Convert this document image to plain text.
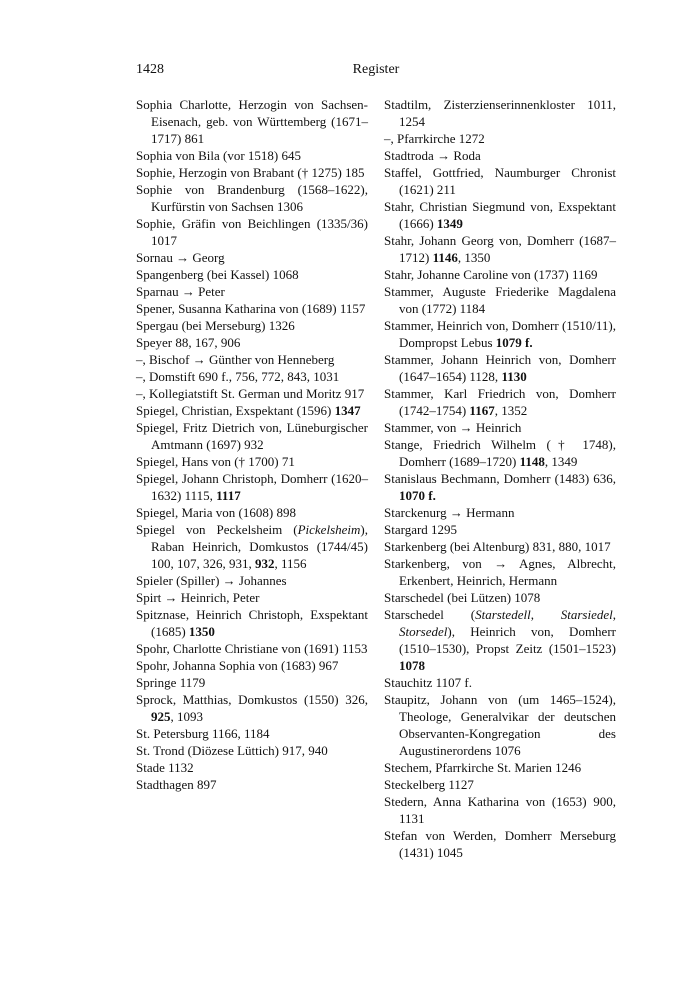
1428	Register

Sophia Charlotte, Herzogin von Sachsen-Eisenach, geb. von Württemberg (1671–1717) 861

Sophia von Bila (vor 1518) 645

Sophie, Herzogin von Brabant († 1275) 185

Sophie von Brandenburg (1568–1622), Kurfürstin von Sachsen 1306

Sophie, Gräfin von Beichlingen (1335/36) 1017

Sornau → Georg

Spangenberg (bei Kassel) 1068

Sparnau → Peter

Spener, Susanna Katharina von (1689) 1157

Spergau (bei Merseburg) 1326

Speyer 88, 167, 906

–, Bischof → Günther von Henneberg

–, Domstift 690 f., 756, 772, 843, 1031

–, Kollegiatstift St. German und Moritz 917

Spiegel, Christian, Exspektant (1596) 1347

Spiegel, Fritz Dietrich von, Lüneburgischer Amtmann (1697) 932

Spiegel, Hans von († 1700) 71

Spiegel, Johann Christoph, Domherr (1620–1632) 1115, 1117

Spiegel, Maria von (1608) 898

Spiegel von Peckelsheim (Pickelsheim), Raban Heinrich, Domkustos (1744/45) 100, 107, 326, 931, 932, 1156

Spieler (Spiller) → Johannes

Spirt → Heinrich, Peter

Spitznase, Heinrich Christoph, Exspektant (1685) 1350

Spohr, Charlotte Christiane von (1691) 1153

Spohr, Johanna Sophia von (1683) 967

Springe 1179

Sprock, Matthias, Domkustos (1550) 326, 925, 1093

St. Petersburg 1166, 1184

St. Trond (Diözese Lüttich) 917, 940

Stade 1132

Stadthagen 897

Stadtilm, Zisterzienserinnenkloster 1011, 1254

–, Pfarrkirche 1272

Stadtroda → Roda

Staffel, Gottfried, Naumburger Chronist (1621) 211

Stahr, Christian Siegmund von, Exspektant (1666) 1349

Stahr, Johann Georg von, Domherr (1687–1712) 1146, 1350

Stahr, Johanne Caroline von (1737) 1169

Stammer, Auguste Friederike Magdalena von (1772) 1184

Stammer, Heinrich von, Domherr (1510/11), Dompropst Lebus 1079 f.

Stammer, Johann Heinrich von, Domherr (1647–1654) 1128, 1130

Stammer, Karl Friedrich von, Domherr (1742–1754) 1167, 1352

Stammer, von → Heinrich

Stange, Friedrich Wilhelm († 1748), Domherr (1689–1720) 1148, 1349

Stanislaus Bechmann, Domherr (1483) 636, 1070 f.

Starckenurg → Hermann

Stargard 1295

Starkenberg (bei Altenburg) 831, 880, 1017

Starkenberg, von → Agnes, Albrecht, Erkenbert, Heinrich, Hermann

Starschedel (bei Lützen) 1078

Starschedel (Starstedell, Starsiedel, Storsedel), Heinrich von, Domherr (1510–1530), Propst Zeitz (1501–1523) 1078

Stauchitz 1107 f.

Staupitz, Johann von (um 1465–1524), Theologe, Generalvikar der deutschen Observanten-Kongregation des Augustinerordens 1076

Stechem, Pfarrkirche St. Marien 1246

Steckelberg 1127

Stedern, Anna Katharina von (1653) 900, 1131

Stefan von Werden, Domherr Merseburg (1431) 1045
